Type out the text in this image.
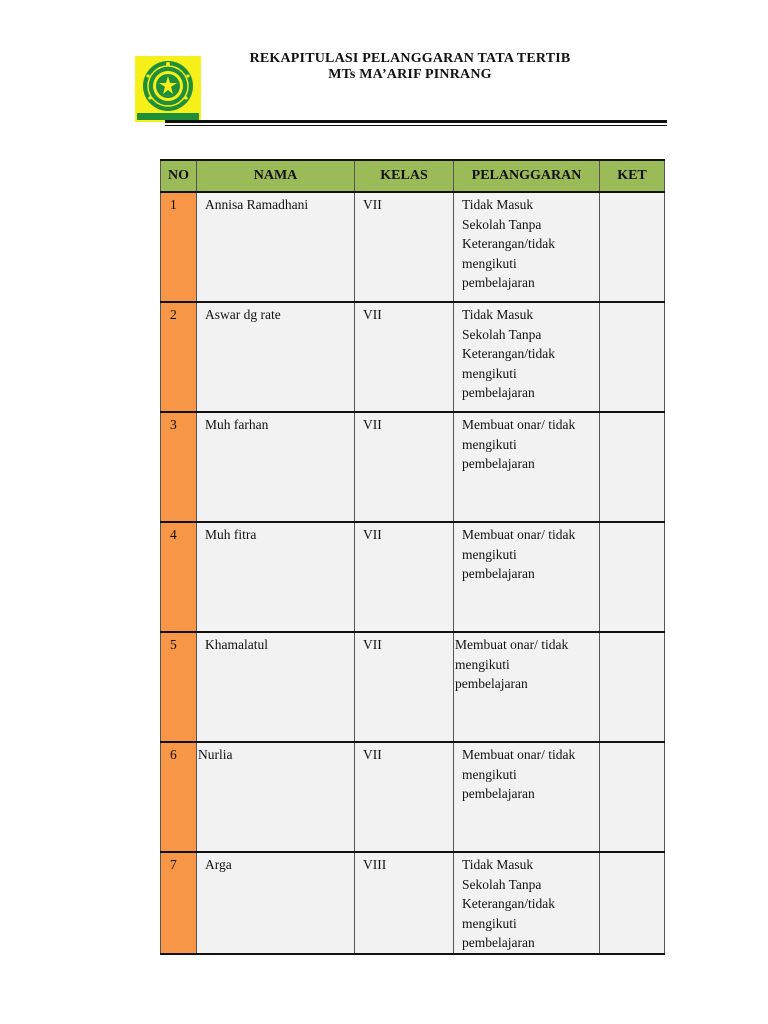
REKAPITULASI PELANGGARAN TATA TERTIB
MTs MA’ARIF PINRANG
NO	NAMA	KELAS	PELANGGARAN	KET
1	Annisa Ramadhani	VII	Tidak Masuk Sekolah Tanpa Keterangan/tidak mengikuti pembelajaran	
2	Aswar dg rate	VII	Tidak Masuk Sekolah Tanpa Keterangan/tidak mengikuti pembelajaran	
3	Muh farhan	VII	Membuat onar/ tidak mengikuti pembelajaran	
4	Muh fitra	VII	Membuat onar/ tidak mengikuti pembelajaran	
5	Khamalatul	VII	Membuat onar/ tidak mengikuti pembelajaran	
6	Nurlia	VII	Membuat onar/ tidak mengikuti pembelajaran	
7	Arga	VIII	Tidak Masuk Sekolah Tanpa Keterangan/tidak mengikuti pembelajaran	
